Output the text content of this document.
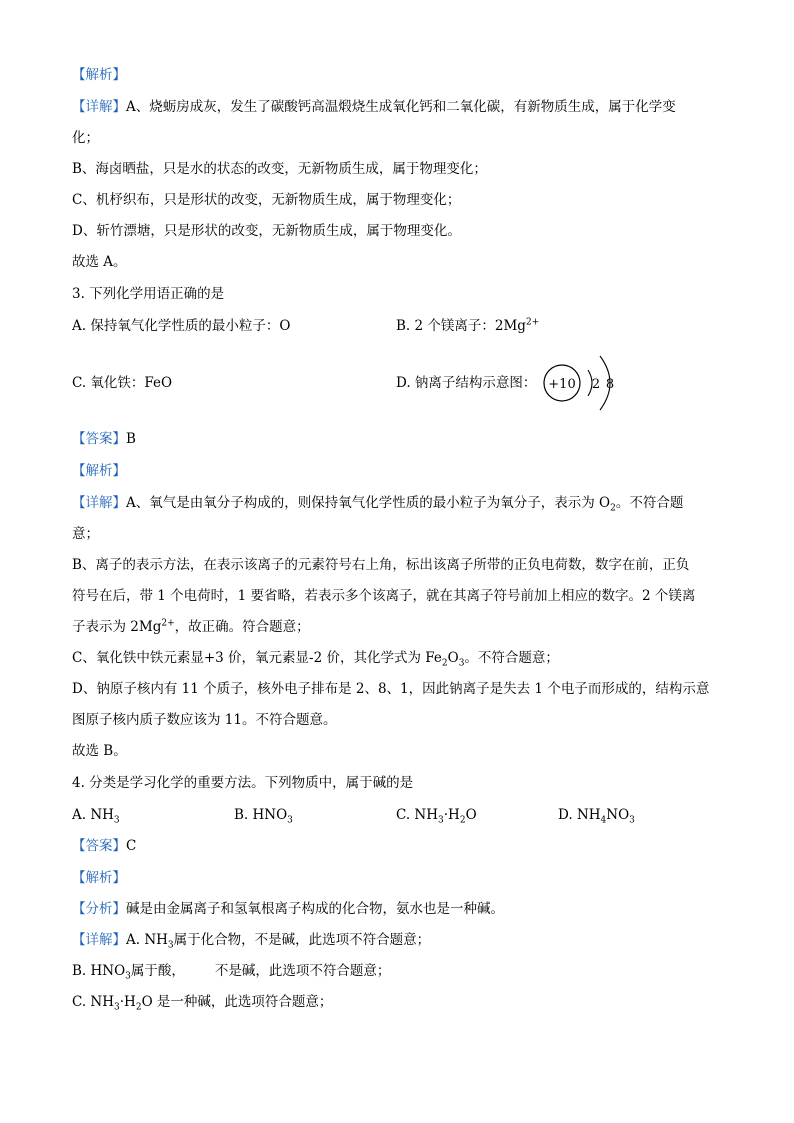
【解析】
【详解】A、烧蛎房成灰，发生了碳酸钙高温煅烧生成氧化钙和二氧化碳，有新物质生成，属于化学变
化；
B、海卤晒盐，只是水的状态的改变，无新物质生成，属于物理变化；
C、机杼织布，只是形状的改变，无新物质生成，属于物理变化；
D、斩竹漂塘，只是形状的改变，无新物质生成，属于物理变化。
故选 A。
3. 下列化学用语正确的是
A. 保持氧气化学性质的最小粒子：O	B. 2 个镁离子：$2Mg^{2+}$
C. 氧化铁：FeO	D. 钠离子结构示意图： +10 2 8
【答案】B
【解析】
【详解】A、氧气是由氧分子构成的，则保持氧气化学性质的最小粒子为氧分子，表示为 $O_2$。不符合题
意；
B、离子的表示方法，在表示该离子的元素符号右上角，标出该离子所带的正负电荷数，数字在前，正负
符号在后，带 1 个电荷时，1 要省略，若表示多个该离子，就在其离子符号前加上相应的数字。2 个镁离
子表示为 $2Mg^{2+}$，故正确。符合题意；
C、氧化铁中铁元素显+3 价，氧元素显-2 价，其化学式为 $Fe_2O_3$。不符合题意；
D、钠原子核内有 11 个质子，核外电子排布是 2、8、1，因此钠离子是失去 1 个电子而形成的，结构示意
图原子核内质子数应该为 11。不符合题意。
故选 B。
4. 分类是学习化学的重要方法。下列物质中，属于碱的是
A. $NH_3$	B. $HNO_3$	C. $NH_3\cdot H_2O$	D. $NH_4NO_3$
【答案】C
【解析】
【分析】碱是由金属离子和氢氧根离子构成的化合物，氨水也是一种碱。
【详解】A. $NH_3$属于化合物，不是碱，此选项不符合题意；
B. $HNO_3$属于酸， 不是碱，此选项不符合题意；
C. $NH_3\cdot H_2O$ 是一种碱，此选项符合题意；
